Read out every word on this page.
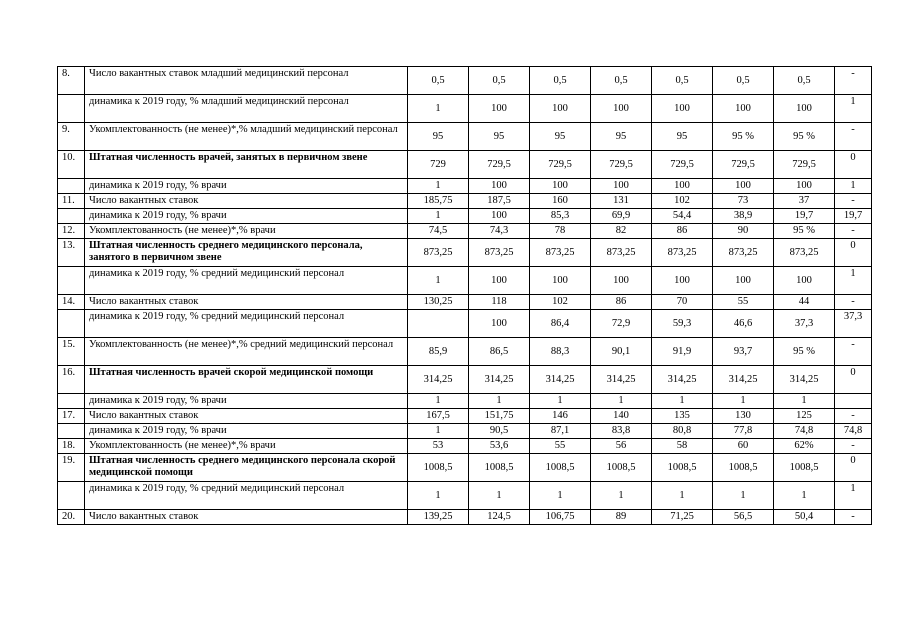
8.	Число вакантных ставок младший медицинский персонал	0,5	0,5	0,5	0,5	0,5	0,5	0,5	-
	динамика к 2019 году, % младший медицинский персонал	1	100	100	100	100	100	100	1
9.	Укомплектованность (не менее)*,% младший медицинский персонал	95	95	95	95	95	95 %	95 %	-
10.	Штатная численность врачей, занятых в первичном звене	729	729,5	729,5	729,5	729,5	729,5	729,5	0
	динамика к 2019 году, % врачи	1	100	100	100	100	100	100	1
11.	Число вакантных ставок	185,75	187,5	160	131	102	73	37	-
	динамика к 2019 году, % врачи	1	100	85,3	69,9	54,4	38,9	19,7	19,7
12.	Укомплектованность (не менее)*,% врачи	74,5	74,3	78	82	86	90	95 %	-
13.	Штатная численность среднего медицинского персонала, занятого в первичном звене	873,25	873,25	873,25	873,25	873,25	873,25	873,25	0
	динамика к 2019 году, % средний медицинский персонал	1	100	100	100	100	100	100	1
14.	Число вакантных ставок	130,25	118	102	86	70	55	44	-
	динамика к 2019 году, % средний медицинский персонал		100	86,4	72,9	59,3	46,6	37,3	37,3
15.	Укомплектованность (не менее)*,% средний медицинский персонал	85,9	86,5	88,3	90,1	91,9	93,7	95 %	-
16.	Штатная численность врачей скорой медицинской помощи	314,25	314,25	314,25	314,25	314,25	314,25	314,25	0
	динамика к 2019 году, % врачи	1	1	1	1	1	1	1	
17.	Число вакантных ставок	167,5	151,75	146	140	135	130	125	-
	динамика к 2019 году, % врачи	1	90,5	87,1	83,8	80,8	77,8	74,8	74,8
18.	Укомплектованность (не менее)*,% врачи	53	53,6	55	56	58	60	62%	-
19.	Штатная численность среднего медицинского персонала скорой медицинской помощи	1008,5	1008,5	1008,5	1008,5	1008,5	1008,5	1008,5	0
	динамика к 2019 году, % средний медицинский персонал	1	1	1	1	1	1	1	1
20.	Число вакантных ставок	139,25	124,5	106,75	89	71,25	56,5	50,4	-
